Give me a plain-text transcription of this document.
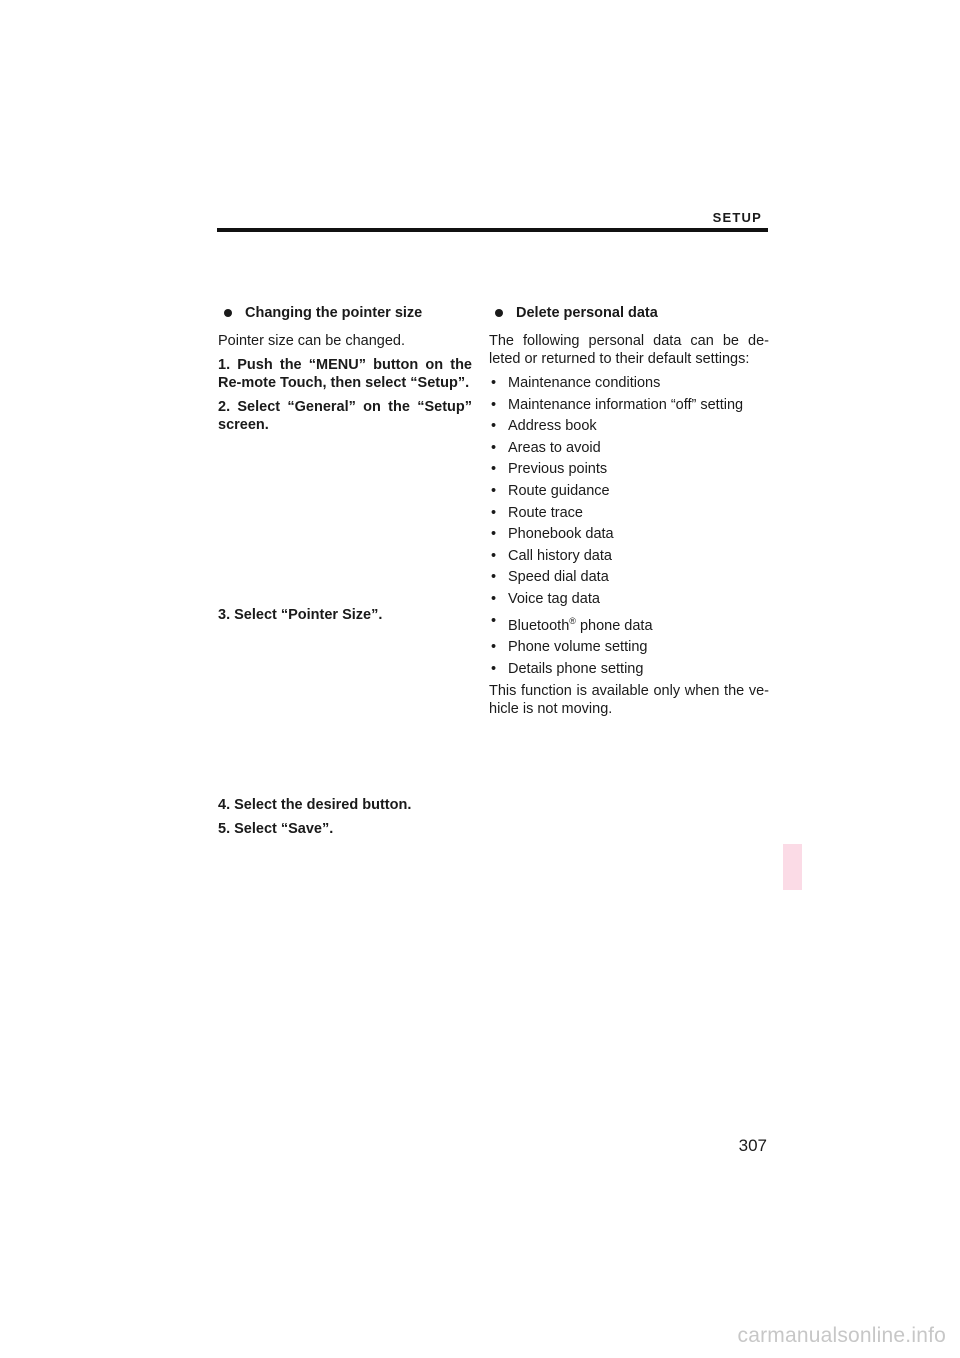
SETUP
Changing the pointer size

Pointer size can be changed.

1. Push the “MENU” button on the Re-mote Touch, then select “Setup”.

2. Select “General” on the “Setup” screen.

3. Select “Pointer Size”.

4. Select the desired button.

5. Select “Save”.

Delete personal data

The following personal data can be de-leted or returned to their default settings:

• Maintenance conditions
• Maintenance information “off” setting
• Address book
• Areas to avoid
• Previous points
• Route guidance
• Route trace
• Phonebook data
• Call history data
• Speed dial data
• Voice tag data
• Bluetooth® phone data
• Phone volume setting
• Details phone setting

This function is available only when the ve-hicle is not moving.

307
carmanualsonline.info
